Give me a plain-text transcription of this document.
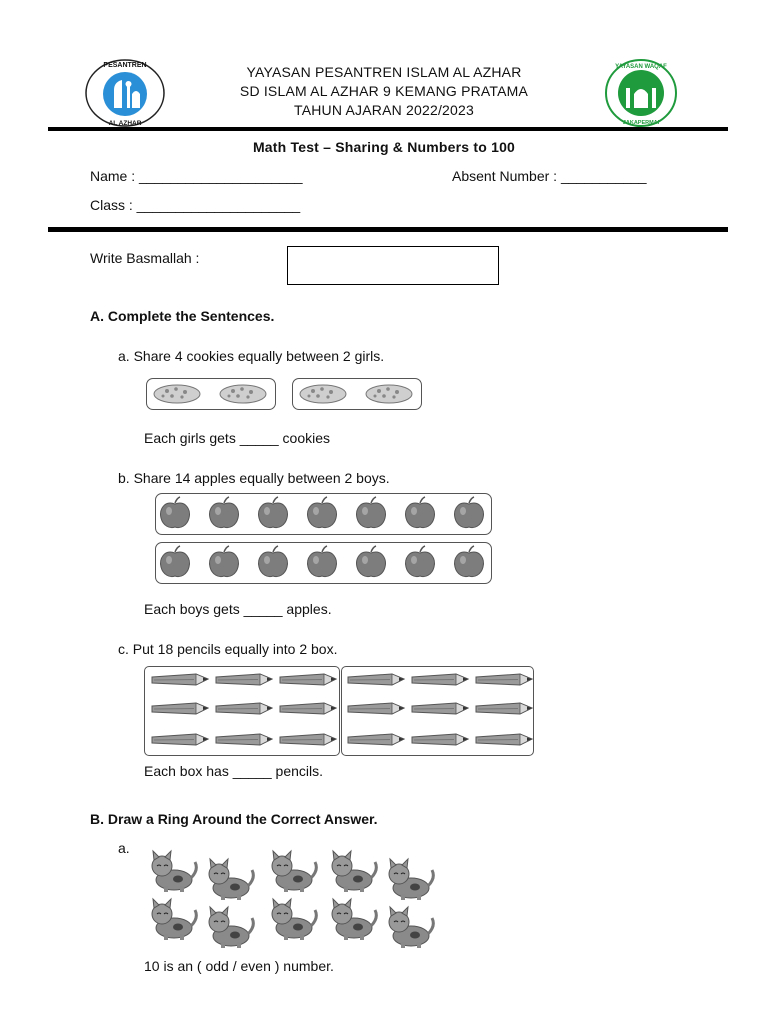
PESANTREN
AL AZHAR
YAYASAN WAQAF
JAKAPERMAI
YAYASAN PESANTREN ISLAM AL AZHAR
SD ISLAM AL AZHAR 9 KEMANG PRATAMA
TAHUN AJARAN 2022/2023
Math Test – Sharing & Numbers to 100
Name : _____________________	Absent Number : ___________
Class : _____________________
Write Basmallah :
A. Complete the Sentences.
a. Share 4 cookies equally between 2 girls.
Each girls gets _____ cookies
b. Share 14 apples equally between 2 boys.
Each boys gets _____ apples.
c. Put 18 pencils equally into 2 box.
Each box has _____ pencils.
B. Draw a Ring Around the Correct Answer.
a.
10 is an ( odd / even ) number.
